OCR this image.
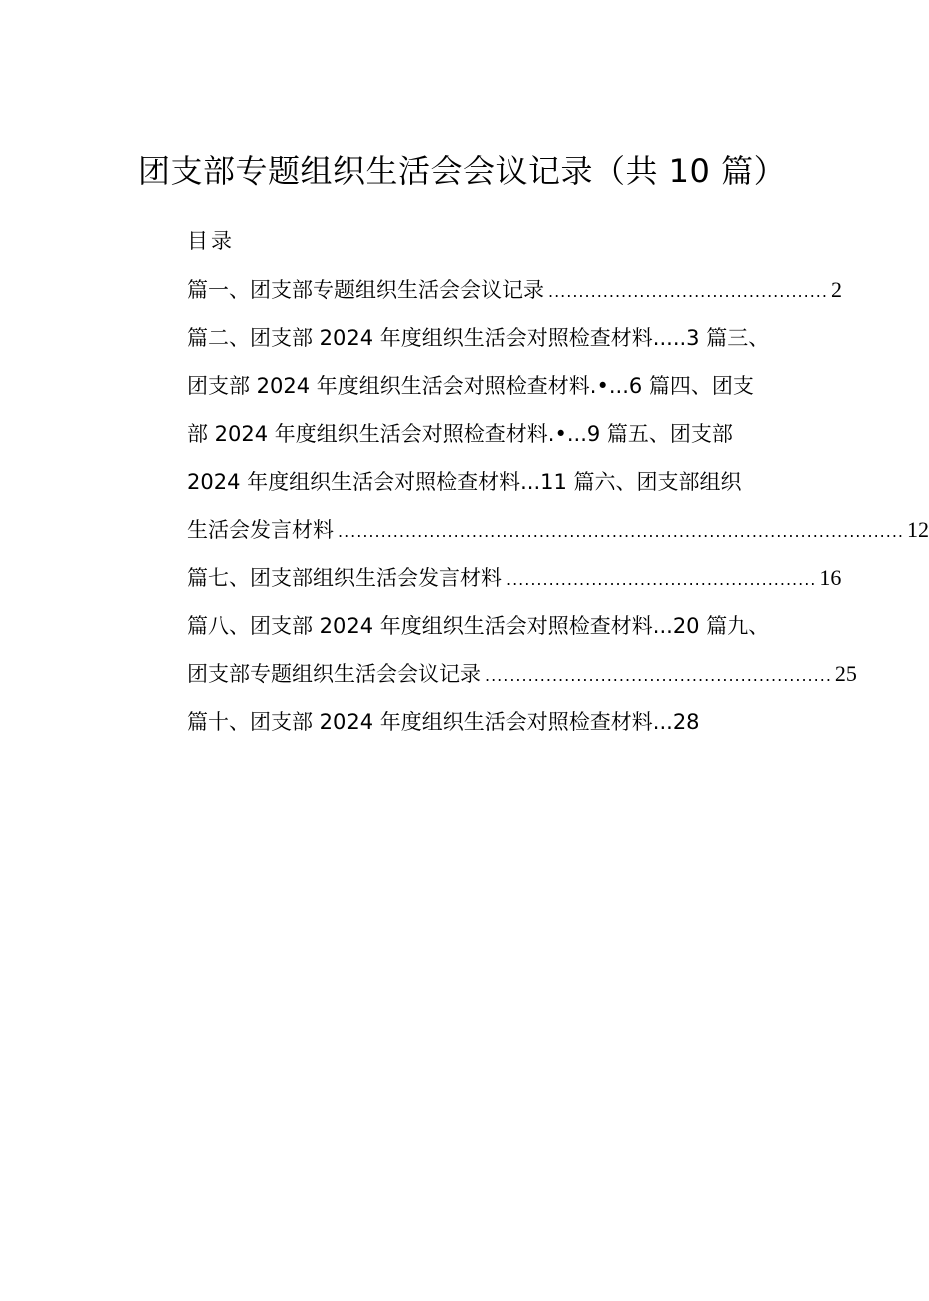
团支部专题组织生活会会议记录（共 10 篇）
目录
篇一、团支部专题组织生活会会议记录 .............................................. 2
篇二、团支部 2024 年度组织生活会对照检查材料.....3 篇三、
团支部 2024 年度组织生活会对照检查材料.•...6 篇四、团支
部 2024 年度组织生活会对照检查材料.•...9 篇五、团支部
2024 年度组织生活会对照检查材料...11 篇六、团支部组织
生活会发言材料 ............................................................................................. 12
篇七、团支部组织生活会发言材料 ................................................... 16
篇八、团支部 2024 年度组织生活会对照检查材料...20 篇九、
团支部专题组织生活会会议记录 ......................................................... 25
篇十、团支部 2024 年度组织生活会对照检查材料...28
